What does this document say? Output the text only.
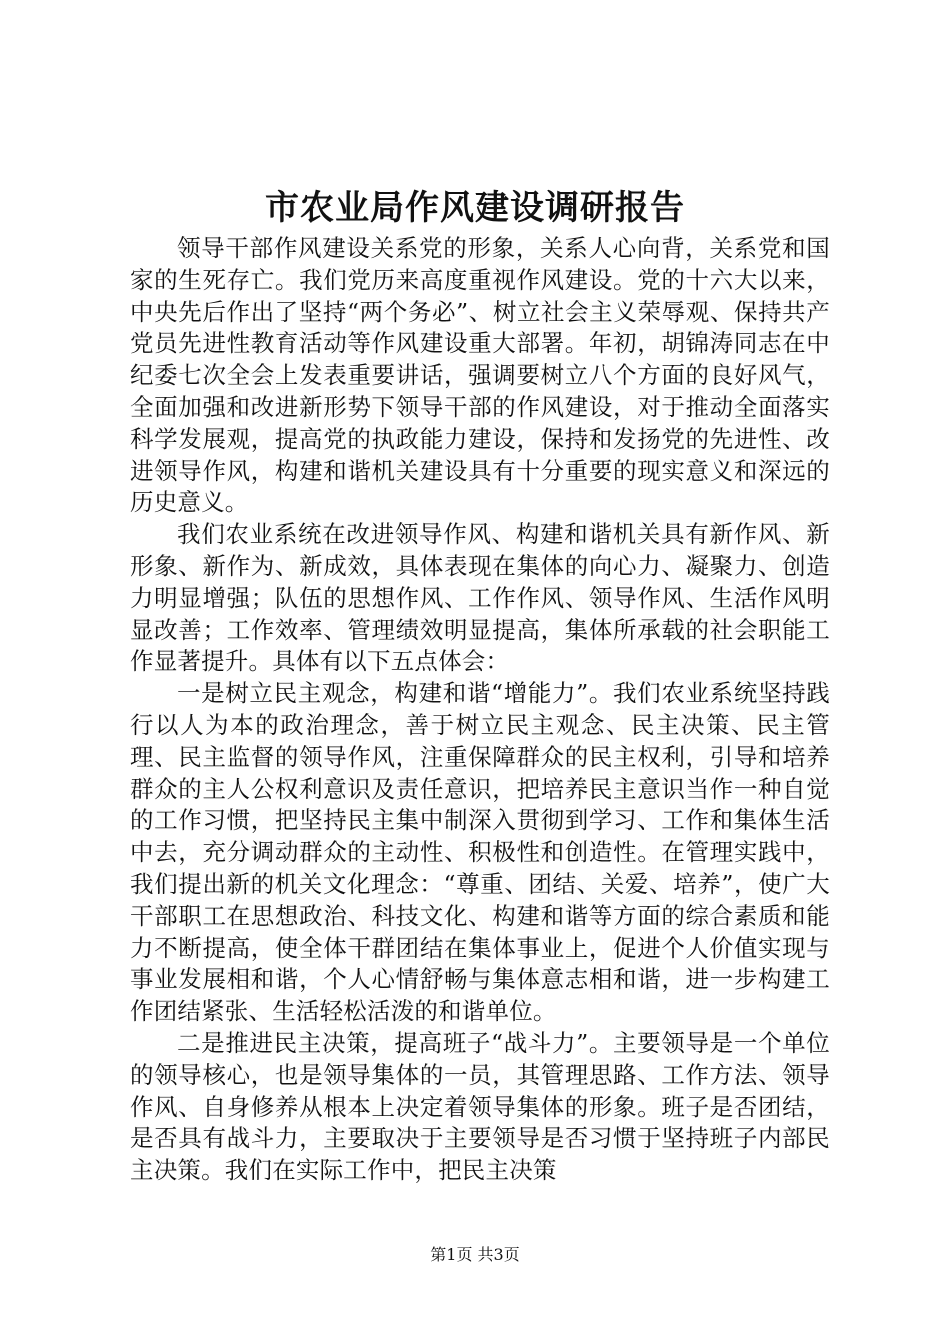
市农业局作风建设调研报告

领导干部作风建设关系党的形象，关系人心向背，关系党和国家的生死存亡。我们党历来高度重视作风建设。党的十六大以来，中央先后作出了坚持“两个务必”、树立社会主义荣辱观、保持共产党员先进性教育活动等作风建设重大部署。年初，胡锦涛同志在中纪委七次全会上发表重要讲话，强调要树立八个方面的良好风气，全面加强和改进新形势下领导干部的作风建设，对于推动全面落实科学发展观，提高党的执政能力建设，保持和发扬党的先进性、改进领导作风，构建和谐机关建设具有十分重要的现实意义和深远的历史意义。

我们农业系统在改进领导作风、构建和谐机关具有新作风、新形象、新作为、新成效，具体表现在集体的向心力、凝聚力、创造力明显增强；队伍的思想作风、工作作风、领导作风、生活作风明显改善；工作效率、管理绩效明显提高，集体所承载的社会职能工作显著提升。具体有以下五点体会：

一是树立民主观念，构建和谐“增能力”。我们农业系统坚持践行以人为本的政治理念，善于树立民主观念、民主决策、民主管理、民主监督的领导作风，注重保障群众的民主权利，引导和培养群众的主人公权利意识及责任意识，把培养民主意识当作一种自觉的工作习惯，把坚持民主集中制深入贯彻到学习、工作和集体生活中去，充分调动群众的主动性、积极性和创造性。在管理实践中，我们提出新的机关文化理念：“尊重、团结、关爱、培养”，使广大干部职工在思想政治、科技文化、构建和谐等方面的综合素质和能力不断提高，使全体干群团结在集体事业上，促进个人价值实现与事业发展相和谐，个人心情舒畅与集体意志相和谐，进一步构建工作团结紧张、生活轻松活泼的和谐单位。

二是推进民主决策，提高班子“战斗力”。主要领导是一个单位的领导核心，也是领导集体的一员，其管理思路、工作方法、领导作风、自身修养从根本上决定着领导集体的形象。班子是否团结，是否具有战斗力，主要取决于主要领导是否习惯于坚持班子内部民主决策。我们在实际工作中，把民主决策

第1页 共3页
